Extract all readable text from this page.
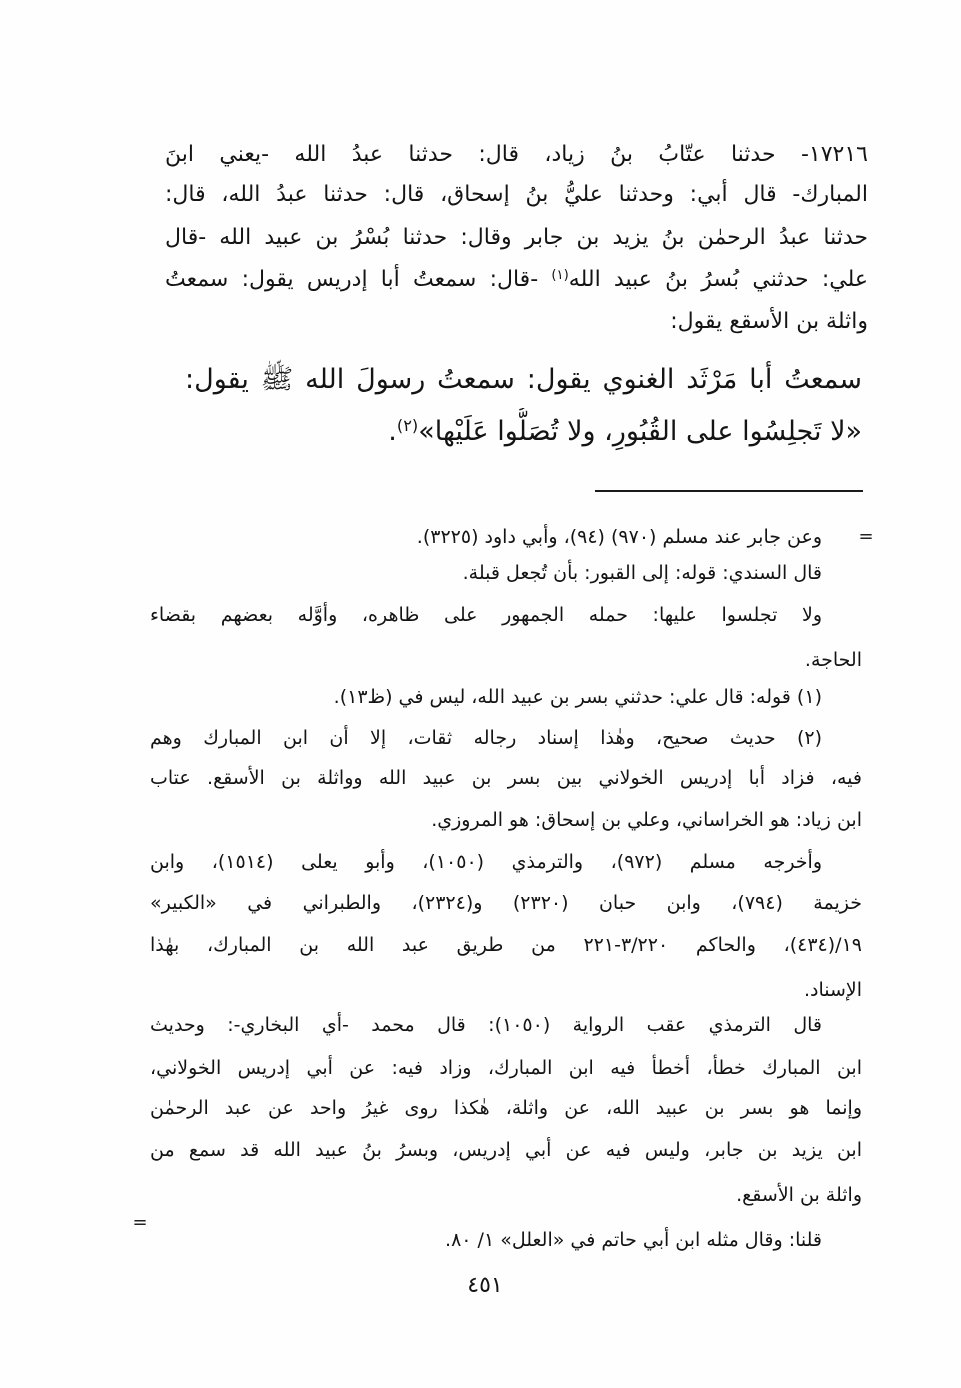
١٧٢١٦- حدثنا عتّابُ بنُ زياد، قال: حدثنا عبدُ الله -يعني ابنَ
المبارك- قال أبي: وحدثنا عليُّ بنُ إسحاق، قال: حدثنا عبدُ الله، قال:
حدثنا عبدُ الرحمٰن بنُ يزيد بن جابر وقال: حدثنا بُسْرُ بن عبيد الله -قال
علي: حدثني بُسرُ بنُ عبيد الله$^{(١)}$ -قال: سمعتُ أبا إدريس يقول: سمعتُ
واثلة بن الأسقع يقول:
سمعتُ أبا مَرْثَد الغنوي يقول: سمعتُ رسولَ الله ﷺ يقول:
«لا تَجلِسُوا على القُبُورِ، ولا تُصَلُّوا عَلَيْها»$^{(٢)}$.
=
وعن جابر عند مسلم (٩٧٠) (٩٤)، وأبي داود (٣٢٢٥).
قال السندي: قوله: إلى القبور: بأن تُجعل قبلة.
ولا تجلسوا عليها: حمله الجمهور على ظاهره، وأوَّله بعضهم بقضاء
الحاجة.
(١) قوله: قال علي: حدثني بسر بن عبيد الله، ليس في (ظ١٣).
(٢) حديث صحيح، وهٰذا إسناد رجاله ثقات، إلا أن ابن المبارك وهم
فيه، فزاد أبا إدريس الخولاني بين بسر بن عبيد الله وواثلة بن الأسقع. عتاب
ابن زياد: هو الخراساني، وعلي بن إسحاق: هو المروزي.
وأخرجه مسلم (٩٧٢)، والترمذي (١٠٥٠)، وأبو يعلى (١٥١٤)، وابن
خزيمة (٧٩٤)، وابن حبان (٢٣٢٠) و(٢٣٢٤)، والطبراني في «الكبير»
١٩/(٤٣٤)، والحاكم ٣/٢٢٠-٢٢١ من طريق عبد الله بن المبارك، بهٰذا
الإسناد.
قال الترمذي عقب الرواية (١٠٥٠): قال محمد -أي البخاري-: وحديث
ابن المبارك خطأ، أخطأ فيه ابن المبارك، وزاد فيه: عن أبي إدريس الخولاني،
وإنما هو بسر بن عبيد الله، عن واثلة، هٰكذا روى غيرُ واحد عن عبد الرحمٰن
ابن يزيد بن جابر، وليس فيه عن أبي إدريس، وبسرُ بنُ عبيد الله قد سمع من
واثلة بن الأسقع.
قلنا: وقال مثله ابن أبي حاتم في «العلل» ١/ ٨٠.
=
٤٥١
